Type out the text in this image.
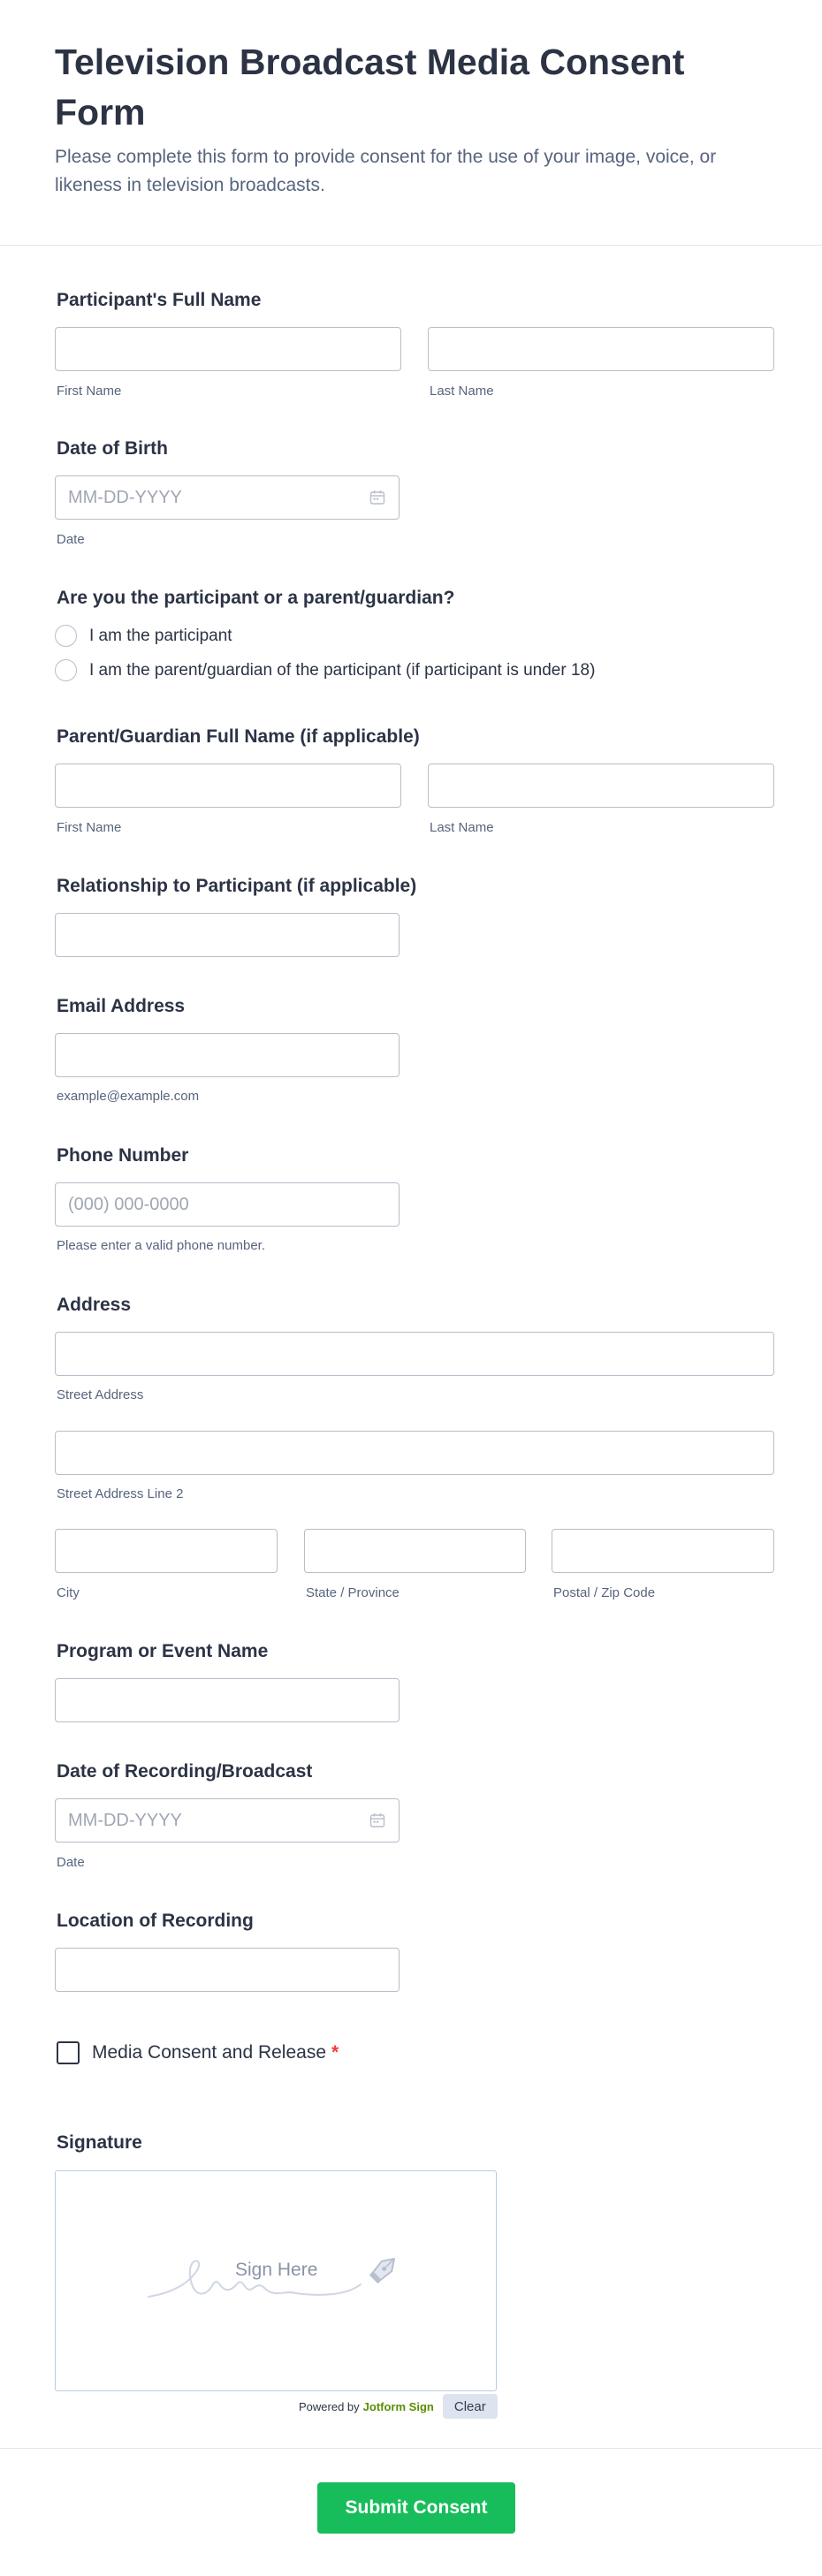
Television Broadcast Media Consent Form

Please complete this form to provide consent for the use of your image, voice, or likeness in television broadcasts.

Participant's Full Name
First Name	Last Name
Date of Birth
MM-DD-YYYY
Date
Are you the participant or a parent/guardian?
I am the participant
I am the parent/guardian of the participant (if participant is under 18)
Parent/Guardian Full Name (if applicable)
First Name	Last Name
Relationship to Participant (if applicable)
Email Address
example@example.com
Phone Number
(000) 000-0000
Please enter a valid phone number.
Address
Street Address
Street Address Line 2
City	State / Province	Postal / Zip Code
Program or Event Name
Date of Recording/Broadcast
MM-DD-YYYY
Date
Location of Recording
Media Consent and Release *
Signature
Sign Here
Powered by Jotform Sign	Clear
Submit Consent
